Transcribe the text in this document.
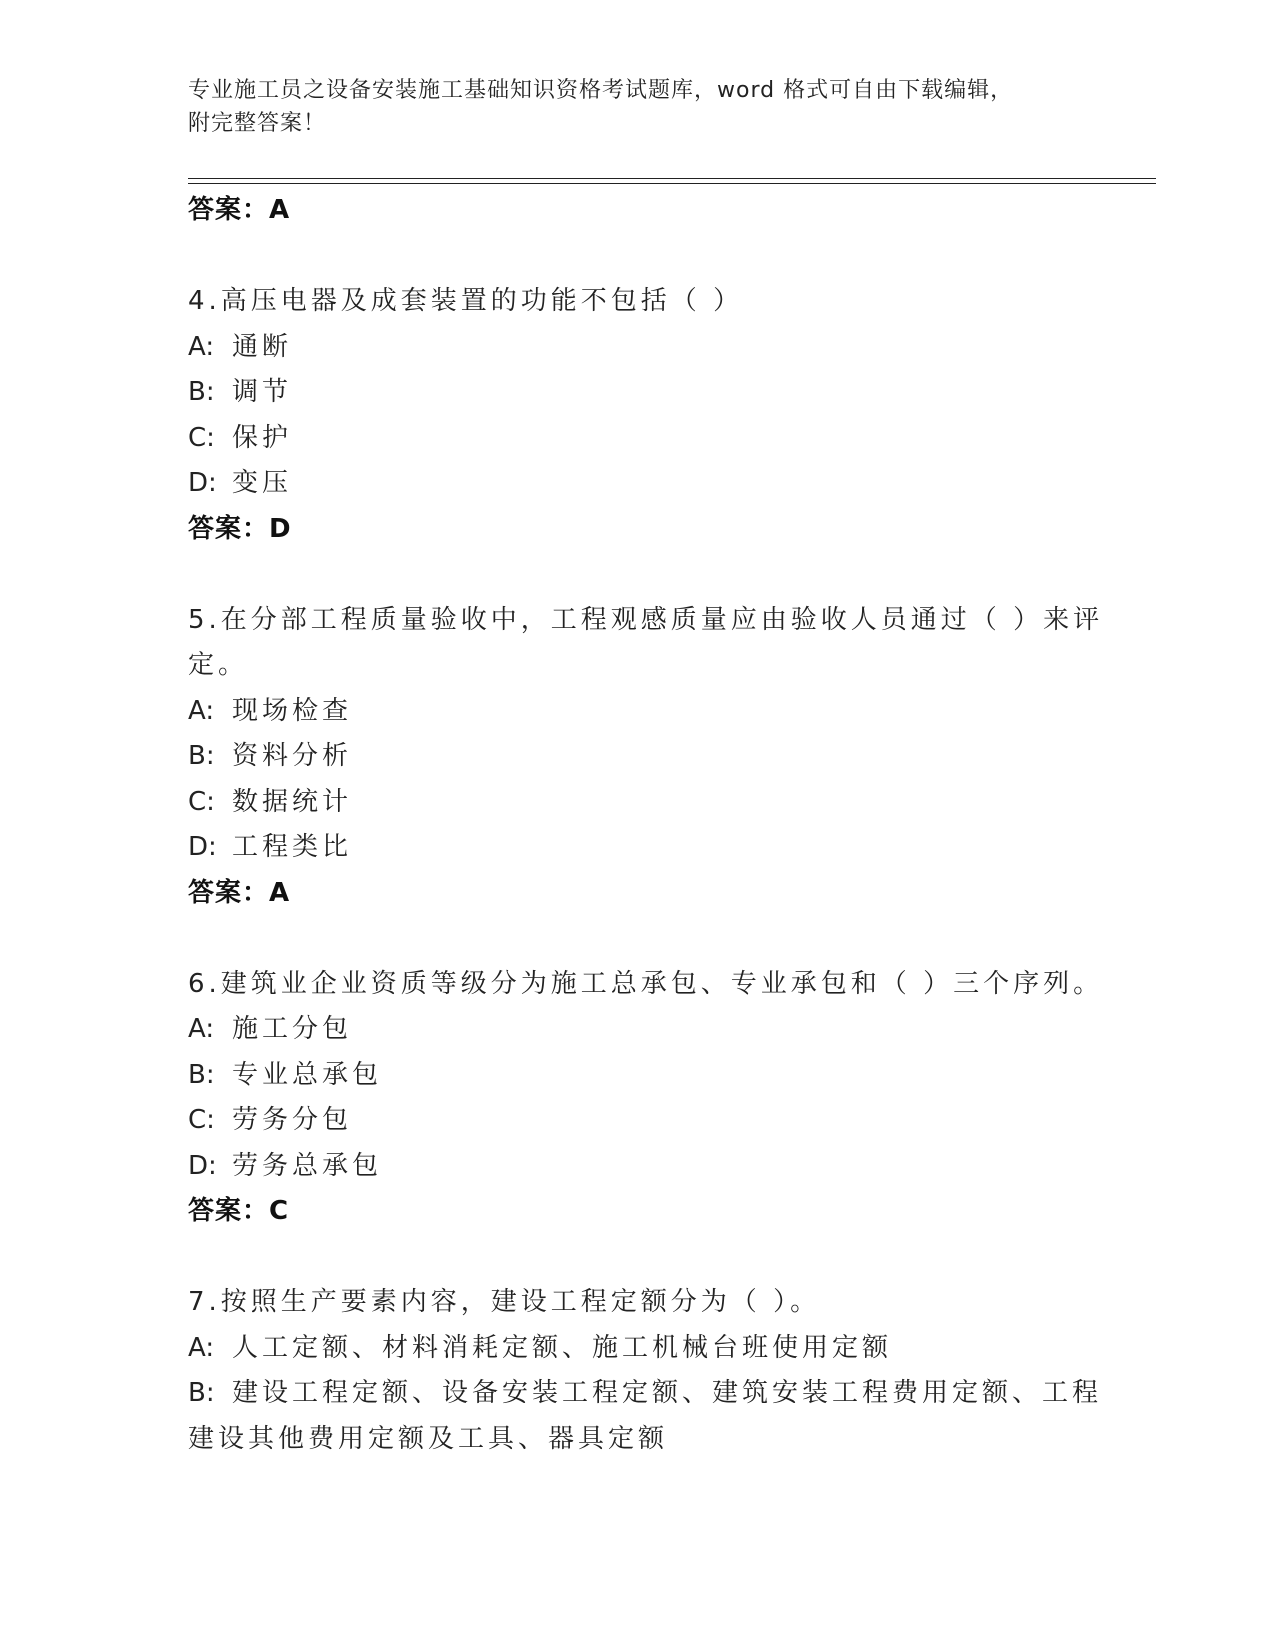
专业施工员之设备安装施工基础知识资格考试题库，word 格式可自由下载编辑，
附完整答案！
答案：A
4.高压电器及成套装置的功能不包括（ ）
A: 通断
B: 调节
C: 保护
D: 变压
答案：D
5.在分部工程质量验收中，工程观感质量应由验收人员通过（ ）来评
定。
A: 现场检查
B: 资料分析
C: 数据统计
D: 工程类比
答案：A
6.建筑业企业资质等级分为施工总承包、专业承包和（ ）三个序列。
A: 施工分包
B: 专业总承包
C: 劳务分包
D: 劳务总承包
答案：C
7.按照生产要素内容，建设工程定额分为（ ）。
A: 人工定额、材料消耗定额、施工机械台班使用定额
B: 建设工程定额、设备安装工程定额、建筑安装工程费用定额、工程
建设其他费用定额及工具、器具定额
